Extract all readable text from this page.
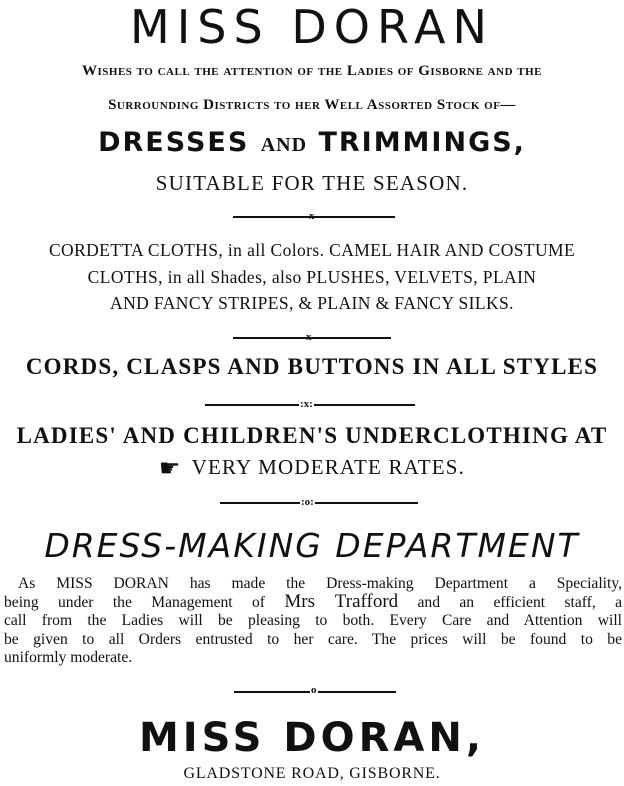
MISS DORAN
Wishes to call the attention of the Ladies of Gisborne and the
Surrounding Districts to her Well Assorted Stock of—
DRESSES AND TRIMMINGS,
SUITABLE FOR THE SEASON.
x
CORDETTA CLOTHS, in all Colors. CAMEL HAIR AND COSTUME
CLOTHS, in all Shades, also PLUSHES, VELVETS, PLAIN
AND FANCY STRIPES, & PLAIN & FANCY SILKS.
x
CORDS, CLASPS AND BUTTONS IN ALL STYLES
:x:
LADIES' AND CHILDREN'S UNDERCLOTHING AT
☛ VERY MODERATE RATES.
:o:
DRESS-MAKING DEPARTMENT
As MISS DORAN has made the Dress-making Department a Speciality,
being under the Management of Mrs Trafford and an efficient staff, a
call from the Ladies will be pleasing to both. Every Care and Attention will
be given to all Orders entrusted to her care. The prices will be found to be
uniformly moderate.
o
MISS DORAN,
GLADSTONE ROAD, GISBORNE.
